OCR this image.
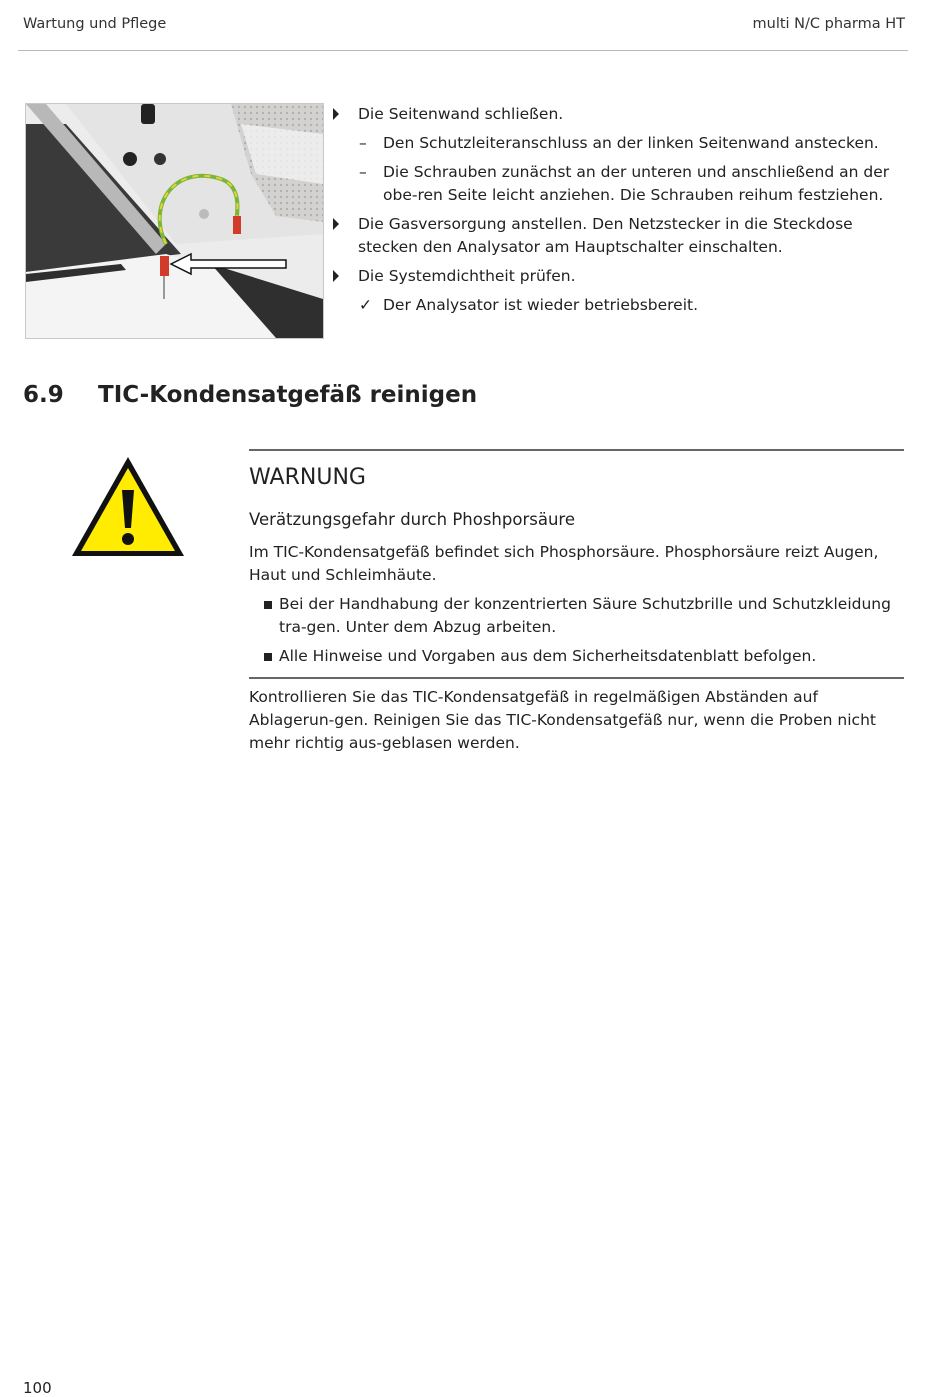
Wartung und Pflege	multi N/C pharma HT
Die Seitenwand schließen.
– Den Schutzleiteranschluss an der linken Seitenwand anstecken.
– Die Schrauben zunächst an der unteren und anschließend an der obe-ren Seite leicht anziehen. Die Schrauben reihum festziehen.
Die Gasversorgung anstellen. Den Netzstecker in die Steckdose stecken den Analysator am Hauptschalter einschalten.
Die Systemdichtheit prüfen.
✓ Der Analysator ist wieder betriebsbereit.
6.9 TIC-Kondensatgefäß reinigen
WARNUNG
Verätzungsgefahr durch Phoshporsäure
Im TIC-Kondensatgefäß befindet sich Phosphorsäure. Phosphorsäure reizt Augen, Haut und Schleimhäute.
Bei der Handhabung der konzentrierten Säure Schutzbrille und Schutzkleidung tra-gen. Unter dem Abzug arbeiten.
Alle Hinweise und Vorgaben aus dem Sicherheitsdatenblatt befolgen.
Kontrollieren Sie das TIC-Kondensatgefäß in regelmäßigen Abständen auf Ablagerun-gen. Reinigen Sie das TIC-Kondensatgefäß nur, wenn die Proben nicht mehr richtig aus-geblasen werden.
100
